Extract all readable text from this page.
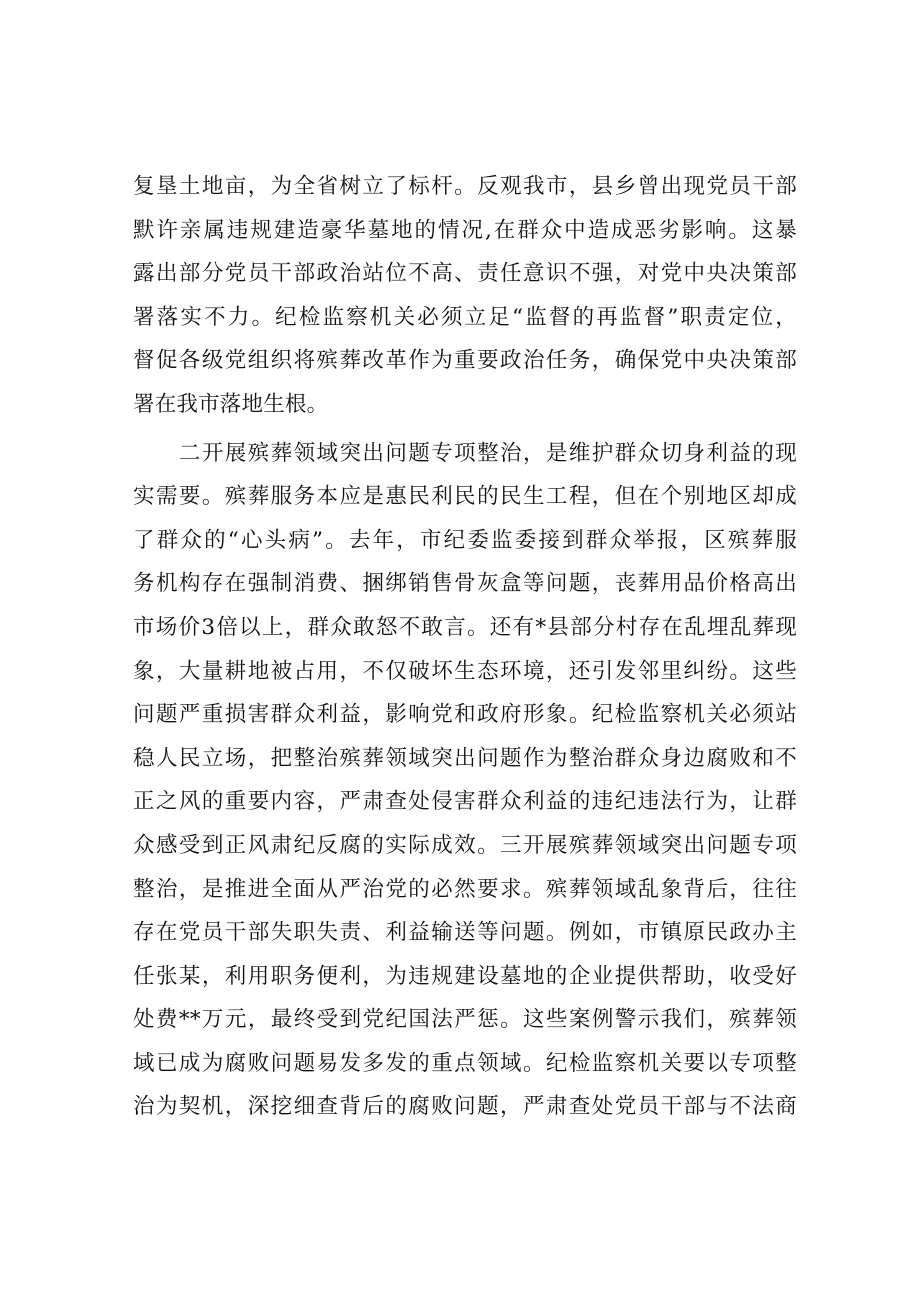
复垦土地亩，为全省树立了标杆。反观我市，县乡曾出现党员干部
默许亲属违规建造豪华墓地的情况,在群众中造成恶劣影响。这暴
露出部分党员干部政治站位不高、责任意识不强，对党中央决策部
署落实不力。纪检监察机关必须立足“监督的再监督”职责定位，
督促各级党组织将殡葬改革作为重要政治任务，确保党中央决策部
署在我市落地生根。
　　二开展殡葬领域突出问题专项整治，是维护群众切身利益的现
实需要。殡葬服务本应是惠民利民的民生工程，但在个别地区却成
了群众的“心头病”。去年，市纪委监委接到群众举报，区殡葬服
务机构存在强制消费、捆绑销售骨灰盒等问题，丧葬用品价格高出
市场价3倍以上，群众敢怒不敢言。还有*县部分村存在乱埋乱葬现
象，大量耕地被占用，不仅破坏生态环境，还引发邻里纠纷。这些
问题严重损害群众利益，影响党和政府形象。纪检监察机关必须站
稳人民立场，把整治殡葬领域突出问题作为整治群众身边腐败和不
正之风的重要内容，严肃查处侵害群众利益的违纪违法行为，让群
众感受到正风肃纪反腐的实际成效。三开展殡葬领域突出问题专项
整治，是推进全面从严治党的必然要求。殡葬领域乱象背后，往往
存在党员干部失职失责、利益输送等问题。例如，市镇原民政办主
任张某，利用职务便利，为违规建设墓地的企业提供帮助，收受好
处费**万元，最终受到党纪国法严惩。这些案例警示我们，殡葬领
域已成为腐败问题易发多发的重点领域。纪检监察机关要以专项整
治为契机，深挖细查背后的腐败问题，严肃查处党员干部与不法商
